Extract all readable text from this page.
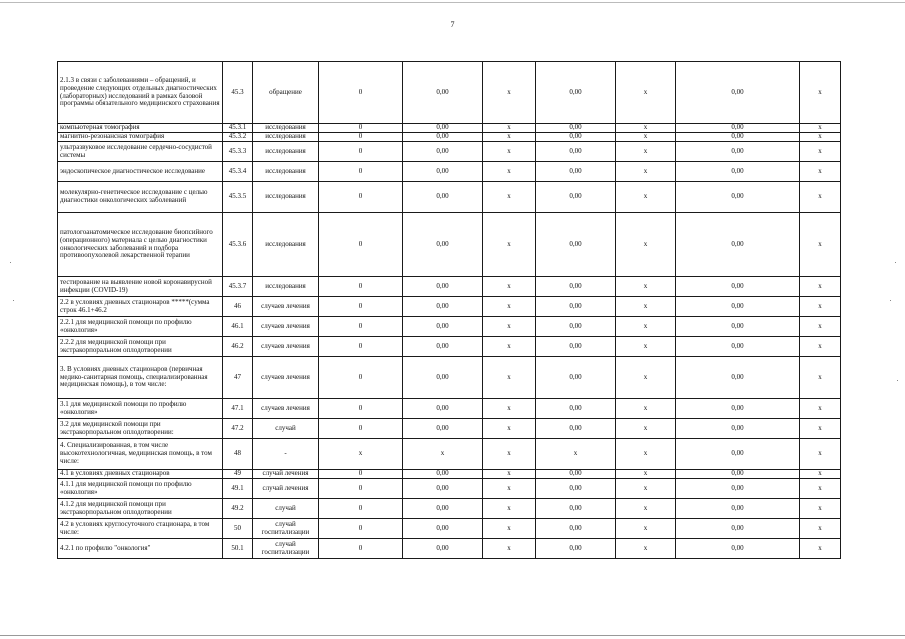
7
2.1.3 в связи с заболеваниями – обращений, и проведение следующих отдельных диагностических (лабораторных) исследований в рамках базовой программы обязательного медицинского страхования	45.3	обращение	0	0,00	х	0,00	х	0,00	х
компьютерная томография	45.3.1	исследования	0	0,00	х	0,00	х	0,00	х
магнитно-резонансная томография	45.3.2	исследования	0	0,00	х	0,00	х	0,00	х
ультразвуковое исследование сердечно-сосудистой системы	45.3.3	исследования	0	0,00	х	0,00	х	0,00	х
эндоскопическое диагностическое исследование	45.3.4	исследования	0	0,00	х	0,00	х	0,00	х
молекулярно-генетическое исследование с целью диагностики онкологических заболеваний	45.3.5	исследования	0	0,00	х	0,00	х	0,00	х
патологоанатомическое исследование биопсийного (операционного) материала с целью диагностики онкологических заболеваний и подбора противоопухолевой лекарственной терапии	45.3.6	исследования	0	0,00	х	0,00	х	0,00	х
тестирование на выявление новой коронавирусной инфекции (COVID-19)	45.3.7	исследования	0	0,00	х	0,00	х	0,00	х
2.2 в условиях дневных стационаров *****(сумма строк 46.1+46.2	46	случаев лечения	0	0,00	х	0,00	х	0,00	х
2.2.1 для медицинской помощи по профилю «онкология»	46.1	случаев лечения	0	0,00	х	0,00	х	0,00	х
2.2.2 для медицинской помощи при экстракорпоральном оплодотворении	46.2	случаев лечения	0	0,00	х	0,00	х	0,00	х
3. В условиях дневных стационаров (первичная медико-санитарная помощь, специализированная медицинская помощь), в том числе:	47	случаев лечения	0	0,00	х	0,00	х	0,00	х
3.1 для медицинской помощи по профилю «онкология»	47.1	случаев лечения	0	0,00	х	0,00	х	0,00	х
3.2 для медицинской помощи при экстракорпоральном оплодотворении:	47.2	случай	0	0,00	х	0,00	х	0,00	х
4. Специализированная, в том числе высокотехнологичная, медицинская помощь, в том числе:	48	-	х	х	х	х	х	0,00	х
4.1 в условиях дневных стационаров	49	случай лечения	0	0,00	х	0,00	х	0,00	х
4.1.1 для медицинской помощи по профилю «онкология»	49.1	случай лечения	0	0,00	х	0,00	х	0,00	х
4.1.2 для медицинской помощи при экстракорпоральном оплодотворении	49.2	случай	0	0,00	х	0,00	х	0,00	х
4.2 в условиях круглосуточного стационара, в том числе:	50	случай госпитализации	0	0,00	х	0,00	х	0,00	х
4.2.1 по профилю "онкология"	50.1	случай госпитализации	0	0,00	х	0,00	х	0,00	х
